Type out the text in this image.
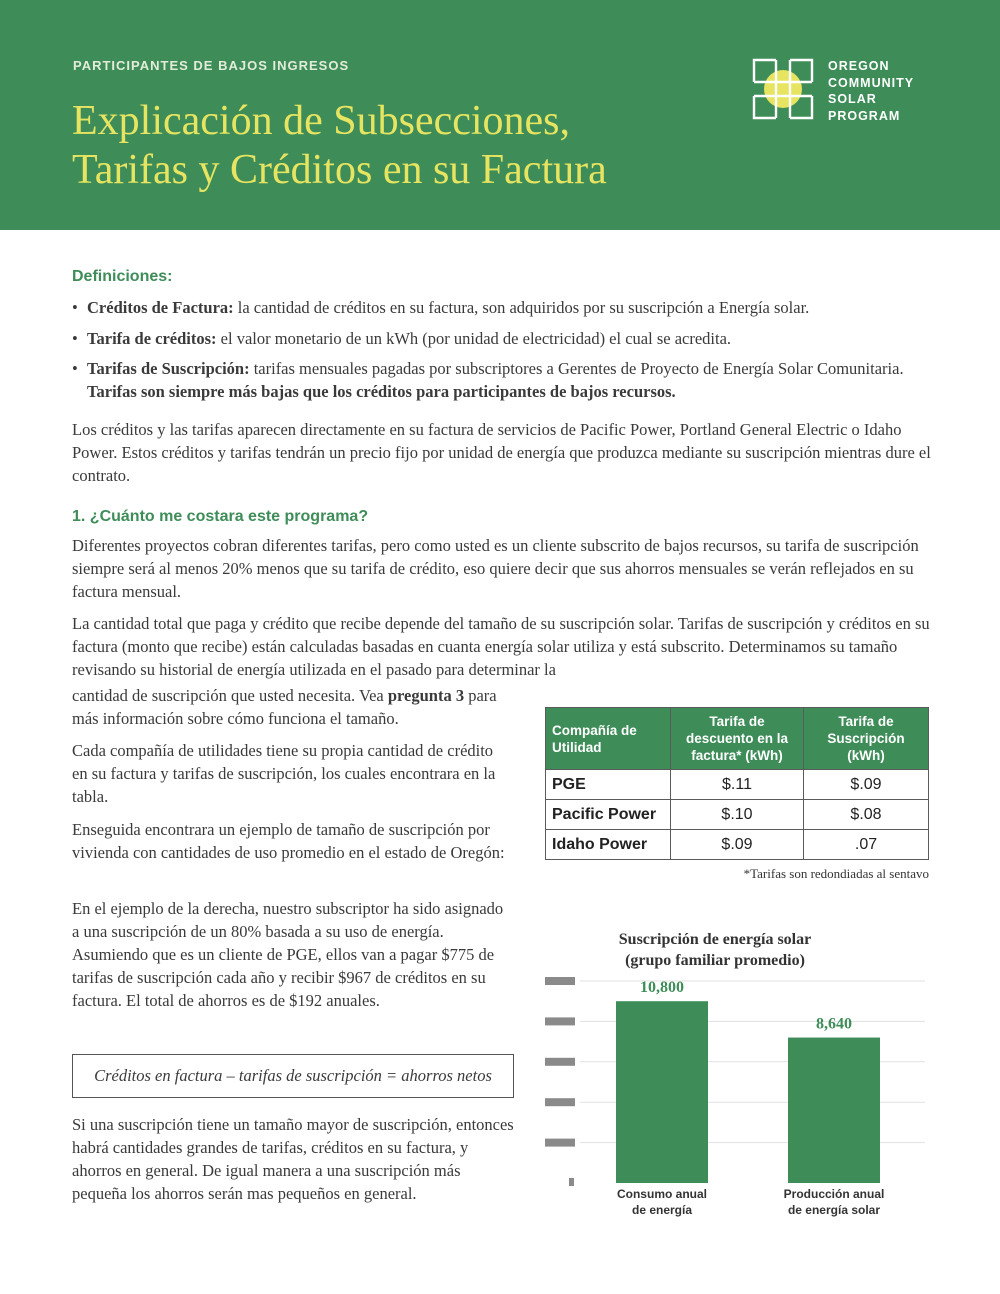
PARTICIPANTES DE BAJOS INGRESOS
Explicación de Subsecciones,
Tarifas y Créditos en su Factura
OREGON
COMMUNITY
SOLAR
PROGRAM
Definiciones:
• Créditos de Factura: la cantidad de créditos en su factura, son adquiridos por su suscripción a Energía solar.
• Tarifa de créditos: el valor monetario de un kWh (por unidad de electricidad) el cual se acredita.
• Tarifas de Suscripción: tarifas mensuales pagadas por subscriptores a Gerentes de Proyecto de Energía Solar Comunitaria. Tarifas son siempre más bajas que los créditos para participantes de bajos recursos.

Los créditos y las tarifas aparecen directamente en su factura de servicios de Pacific Power, Portland General Electric o Idaho Power. Estos créditos y tarifas tendrán un precio fijo por unidad de energía que produzca mediante su suscripción mientras dure el contrato.

1. ¿Cuánto me costara este programa?

Diferentes proyectos cobran diferentes tarifas, pero como usted es un cliente subscrito de bajos recursos, su tarifa de suscripción siempre será al menos 20% menos que su tarifa de crédito, eso quiere decir que sus ahorros mensuales se verán reflejados en su factura mensual.

La cantidad total que paga y crédito que recibe depende del tamaño de su suscripción solar. Tarifas de suscripción y créditos en su factura (monto que recibe) están calculadas basadas en cuanta energía solar utiliza y está subscrito. Determinamos su tamaño revisando su historial de energía utilizada en el pasado para determinar la

cantidad de suscripción que usted necesita. Vea pregunta 3 para más información sobre cómo funciona el tamaño.

Cada compañía de utilidades tiene su propia cantidad de crédito en su factura y tarifas de suscripción, los cuales encontrara en la tabla.

Enseguida encontrara un ejemplo de tamaño de suscripción por vivienda con cantidades de uso promedio en el estado de Oregón:

En el ejemplo de la derecha, nuestro subscriptor ha sido asignado a una suscripción de un 80% basada a su uso de energía. Asumiendo que es un cliente de PGE, ellos van a pagar $775 de tarifas de suscripción cada año y recibir $967 de créditos en su factura. El total de ahorros es de $192 anuales.

Créditos en factura – tarifas de suscripción = ahorros netos

Si una suscripción tiene un tamaño mayor de suscripción, entonces habrá cantidades grandes de tarifas, créditos en su factura, y ahorros en general. De igual manera a una suscripción más pequeña los ahorros serán mas pequeños en general.

Compañía de Utilidad	Tarifa de descuento en la factura* (kWh)	Tarifa de Suscripción (kWh)
PGE	$.11	$.09
Pacific Power	$.10	$.08
Idaho Power	$.09	.07
*Tarifas son redondiadas al sentavo
Suscripción de energía solar
(grupo familiar promedio)
10,800
Consumo anual
de energía
8,640
Producción anual
de energía solar
